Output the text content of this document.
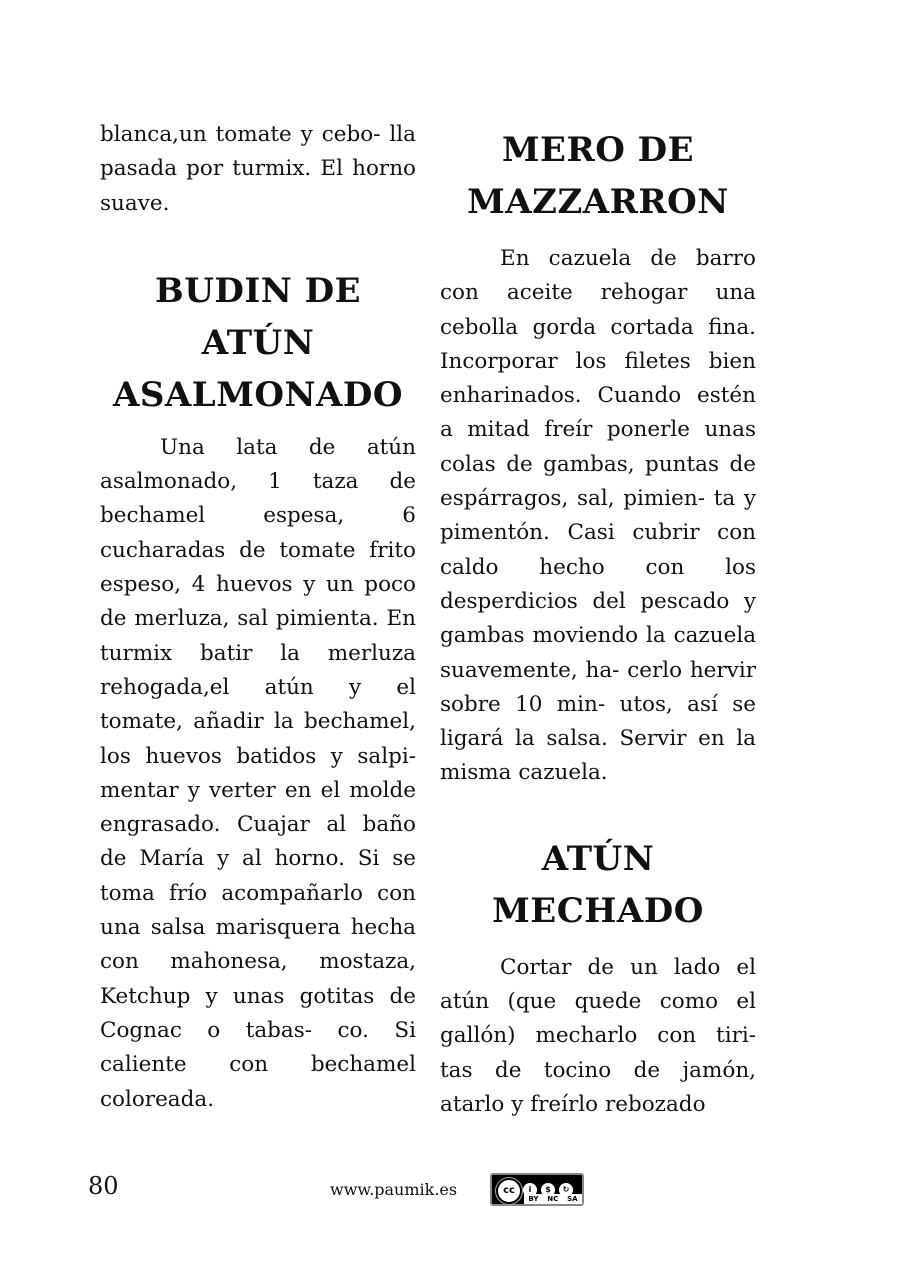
blanca,un tomate y cebo- lla pasada por turmix. El horno suave.
BUDIN DE
ATÚN
ASALMONADO
Una lata de atún asalmonado, 1 taza de bechamel espesa, 6 cucharadas de tomate frito espeso, 4 huevos y un poco de merluza, sal pimienta. En turmix batir la merluza rehogada,el atún y el tomate, añadir la bechamel, los huevos batidos y salpi- mentar y verter en el molde engrasado. Cuajar al baño de María y al horno. Si se toma frío acompañarlo con una salsa marisquera hecha con mahonesa, mostaza, Ketchup y unas gotitas de Cognac o tabas- co. Si caliente con bechamel coloreada.
MERO DE
MAZZARRON
En cazuela de barro con aceite rehogar una cebolla gorda cortada fina. Incorporar los filetes bien enharinados. Cuando estén a mitad freír ponerle unas colas de gambas, puntas de espárragos, sal, pimien- ta y pimentón. Casi cubrir con caldo hecho con los desperdicios del pescado y gambas moviendo la cazuela suavemente, ha- cerlo hervir sobre 10 min- utos, así se ligará la salsa. Servir en la misma cazuela.
ATÚN
MECHADO
Cortar de un lado el atún (que quede como el gallón) mecharlo con tiri- tas de tocino de jamón, atarlo y freírlo rebozado
80	www.paumik.es	cc	i $ ↻
BY NC SA
